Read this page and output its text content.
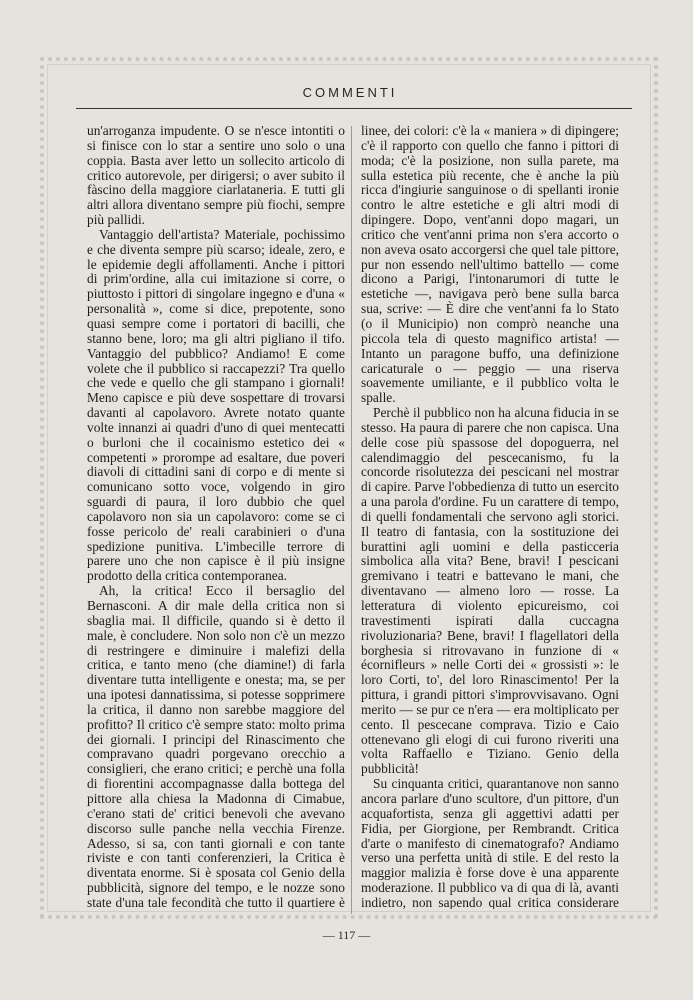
COMMENTI

un'arroganza impudente. O se n'esce intontiti o si finisce con lo star a sentire uno solo o una coppia. Basta aver letto un sollecito articolo di critico autorevole, per dirigersi; o aver subito il fàscino della maggiore ciarlataneria. E tutti gli altri allora diventano sempre più fiochi, sempre più pallidi.

Vantaggio dell'artista? Materiale, pochissimo e che diventa sempre più scarso; ideale, zero, e le epidemie degli affollamenti. Anche i pittori di prim'ordine, alla cui imitazione si corre, o piuttosto i pittori di singolare ingegno e d'una « personalità », come si dice, prepotente, sono quasi sempre come i portatori di bacilli, che stanno bene, loro; ma gli altri pigliano il tifo. Vantaggio del pubblico? Andiamo! E come volete che il pubblico si raccapezzi? Tra quello che vede e quello che gli stampano i giornali! Meno capisce e più deve sospettare di trovarsi davanti al capolavoro. Avrete notato quante volte innanzi ai quadri d'uno di quei mentecatti o burloni che il cocainismo estetico dei « competenti » prorompe ad esaltare, due poveri diavoli di cittadini sani di corpo e di mente si comunicano sotto voce, volgendo in giro sguardi di paura, il loro dubbio che quel capolavoro non sia un capolavoro: come se ci fosse pericolo de' reali carabinieri o d'una spedizione punitiva. L'imbecille terrore di parere uno che non capisce è il più insigne prodotto della critica contemporanea.

Ah, la critica! Ecco il bersaglio del Bernasconi. A dir male della critica non si sbaglia mai. Il difficile, quando si è detto il male, è concludere. Non solo non c'è un mezzo di restringere e diminuire i malefizi della critica, e tanto meno (che diamine!) di farla diventare tutta intelligente e onesta; ma, se per una ipotesi dannatissima, si potesse sopprimere la critica, il danno non sarebbe maggiore del profitto? Il critico c'è sempre stato: molto prima dei giornali. I principi del Rinascimento che compravano quadri porgevano orecchio a consiglieri, che erano critici; e perchè una folla di fiorentini accompagnasse dalla bottega del pittore alla chiesa la Madonna di Cimabue, c'erano stati de' critici benevoli che avevano discorso sulle panche nella vecchia Firenze. Adesso, si sa, con tanti giornali e con tante riviste e con tanti conferenzieri, la Critica è diventata enorme. Si è sposata col Genio della pubblicità, signore del tempo, e le nozze sono state d'una tale fecondità che tutto il quartiere è

linee, dei colori: c'è la « maniera » di dipingere; c'è il rapporto con quello che fanno i pittori di moda; c'è la posizione, non sulla parete, ma sulla estetica più recente, che è anche la più ricca d'ingiurie sanguinose o di spellanti ironie contro le altre estetiche e gli altri modi di dipingere. Dopo, vent'anni dopo magari, un critico che vent'anni prima non s'era accorto o non aveva osato accorgersi che quel tale pittore, pur non essendo nell'ultimo battello — come dicono a Parigi, l'intonarumori di tutte le estetiche —, navigava però bene sulla barca sua, scrive: — È dire che vent'anni fa lo Stato (o il Municipio) non comprò neanche una piccola tela di questo magnifico artista! — Intanto un paragone buffo, una definizione caricaturale o — peggio — una riserva soavemente umiliante, e il pubblico volta le spalle.

Perchè il pubblico non ha alcuna fiducia in se stesso. Ha paura di parere che non capisca. Una delle cose più spassose del dopoguerra, nel calendimaggio del pescecanismo, fu la concorde risolutezza dei pescicani nel mostrar di capire. Parve l'obbedienza di tutto un esercito a una parola d'ordine. Fu un carattere di tempo, di quelli fondamentali che servono agli storici. Il teatro di fantasia, con la sostituzione dei burattini agli uomini e della pasticceria simbolica alla vita? Bene, bravi! I pescicani gremivano i teatri e battevano le mani, che diventavano — almeno loro — rosse. La letteratura di violento epicureismo, coi travestimenti ispirati dalla cuccagna rivoluzionaria? Bene, bravi! I flagellatori della borghesia si ritrovavano in funzione di « écornifleurs » nelle Corti dei « grossisti »: le loro Corti, to', del loro Rinascimento! Per la pittura, i grandi pittori s'improvvisavano. Ogni merito — se pur ce n'era — era moltiplicato per cento. Il pescecane comprava. Tizio e Caio ottenevano gli elogi di cui furono riveriti una volta Raffaello e Tiziano. Genio della pubblicità!

Su cinquanta critici, quarantanove non sanno ancora parlare d'uno scultore, d'un pittore, d'un acquafortista, senza gli aggettivi adatti per Fidia, per Giorgione, per Rembrandt. Critica d'arte o manifesto di cinematografo? Andiamo verso una perfetta unità di stile. E del resto la maggior malizia è forse dove è una apparente moderazione. Il pubblico va di qua di là, avanti indietro, non sapendo qual critica considerare

— 117 —
